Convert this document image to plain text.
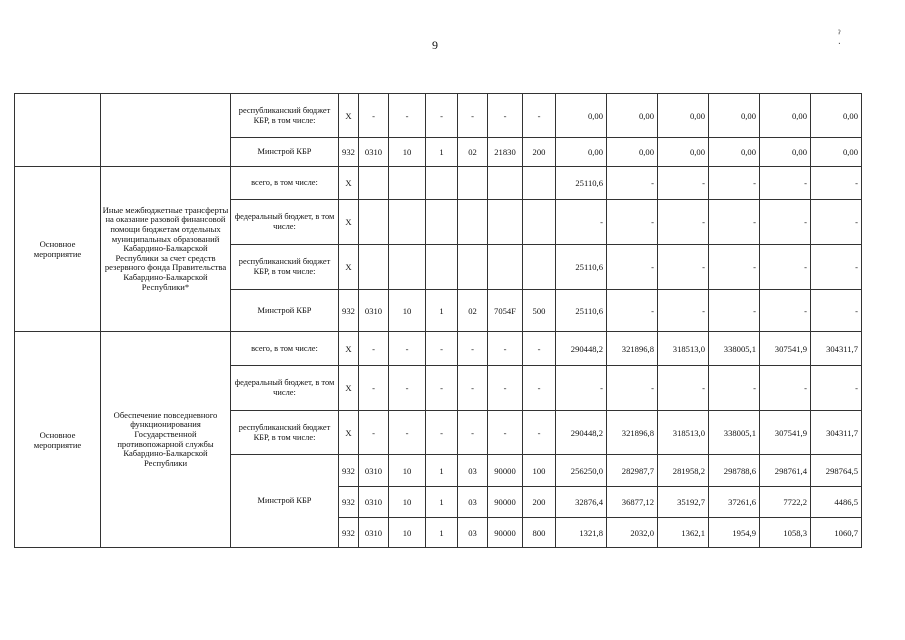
9
ˀ ˑ
		республиканский бюджет КБР, в том числе:	X	-	-	-	-	-	-	0,00	0,00	0,00	0,00	0,00	0,00
		Минстрой КБР	932	0310	10	1	02	21830	200	0,00	0,00	0,00	0,00	0,00	0,00
Основное мероприятие	Иные межбюджетные трансферты на оказание разовой финансовой помощи бюджетам отдельных муниципальных образований Кабардино-Балкарской Республики за счет средств резервного фонда Правительства Кабардино-Балкарской Республики*	всего, в том числе:	X							25110,6	-	-	-	-	-
		федеральный бюджет, в том числе:	X							-	-	-	-	-	-
		республиканский бюджет КБР, в том числе:	X							25110,6	-	-	-	-	-
		Минстрой КБР	932	0310	10	1	02	7054F	500	25110,6	-	-	-	-	-
Основное мероприятие	Обеспечение повседневного функционирования Государственной противопожарной службы Кабардино-Балкарской Республики	всего, в том числе:	X	-	-	-	-	-	-	290448,2	321896,8	318513,0	338005,1	307541,9	304311,7
		федеральный бюджет, в том числе:	X	-	-	-	-	-	-	-	-	-	-	-	-
		республиканский бюджет КБР, в том числе:	X	-	-	-	-	-	-	290448,2	321896,8	318513,0	338005,1	307541,9	304311,7
		Минстрой КБР	932	0310	10	1	03	90000	100	256250,0	282987,7	281958,2	298788,6	298761,4	298764,5
			932	0310	10	1	03	90000	200	32876,4	36877,12	35192,7	37261,6	7722,2	4486,5
			932	0310	10	1	03	90000	800	1321,8	2032,0	1362,1	1954,9	1058,3	1060,7
